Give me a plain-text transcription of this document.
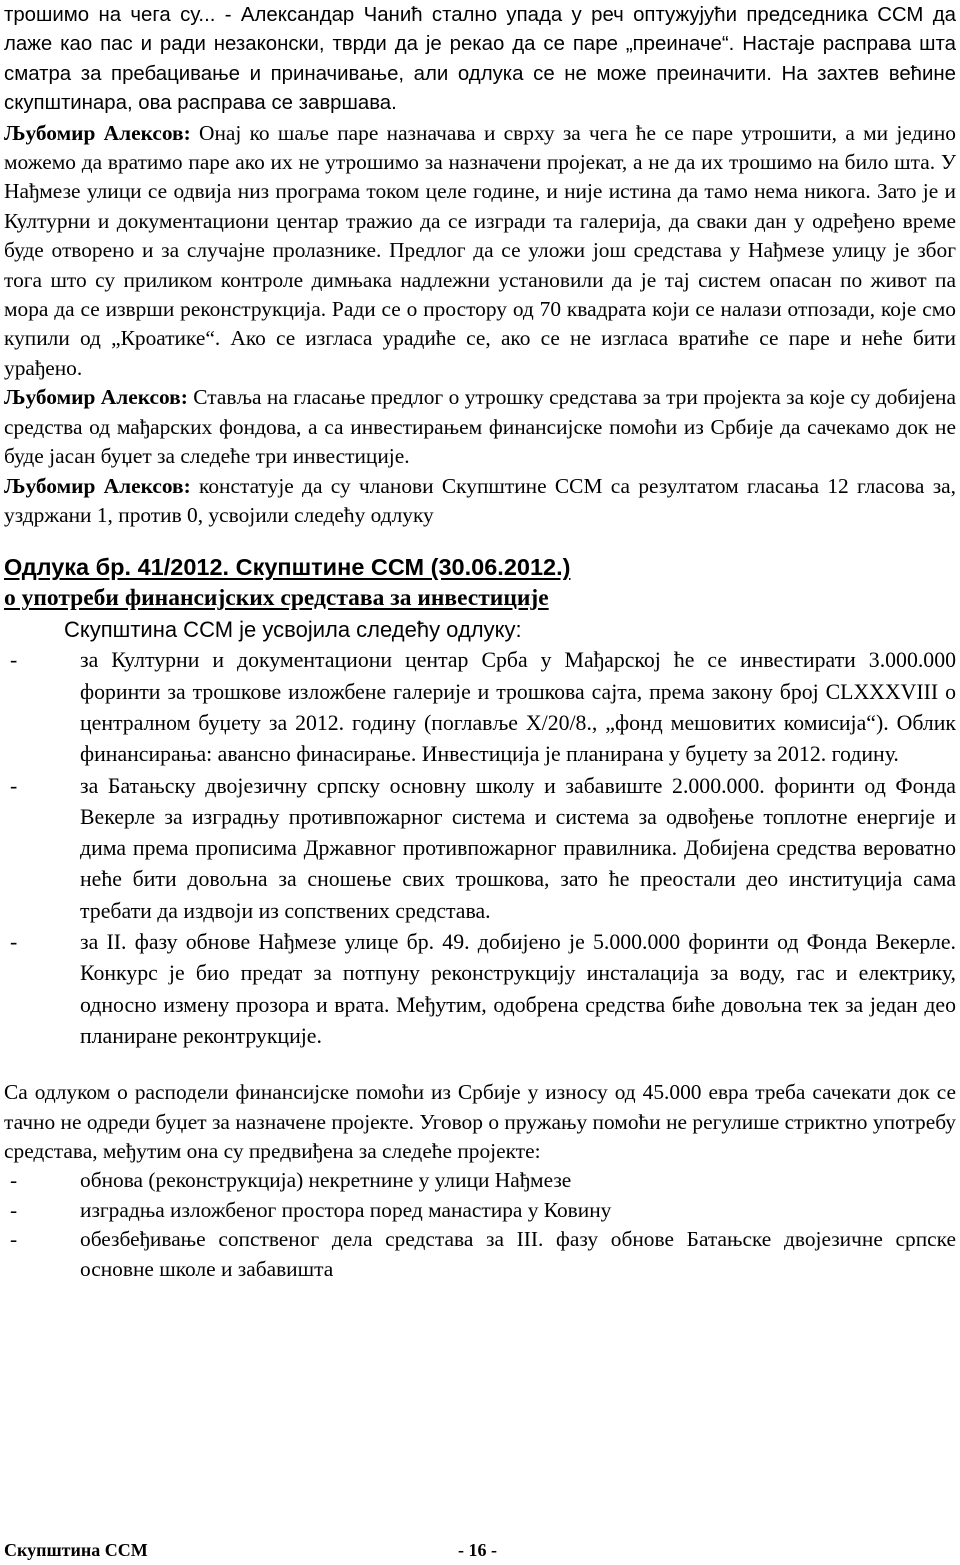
трошимо на чега су... - Александар Чанић стално упада у реч оптужујући председника ССМ да лаже као пас и ради незаконски, тврди да је рекао да се паре „преиначе“. Настаје расправа шта сматра за пребацивање и приначивање, али одлука се не може преиначити. На захтев већине скупштинара, ова расправа се завршава.

Љубомир Алексов: Онај ко шаље паре назначава и сврху за чега ће се паре утрошити, а ми једино можемо да вратимо паре ако их не утрошимо за назначени пројекат, а не да их трошимо на било шта. У Нађмезе улици се одвија низ програма током целе године, и није истина да тамо нема никога. Зато је и Културни и документациони центар тражио да се изгради та галерија, да сваки дан у одређено време буде отворено и за случајне пролазнике. Предлог да се уложи још средстава у Нађмезе улицу је због тога што су приликом контроле димњака надлежни установили да је тај систем опасан по живот па мора да се изврши реконструкција. Ради се о простору од 70 квадрата који се налази отпозади, које смо купили од „Кроатике“. Ако се изгласа урадиће се, ако се не изгласа вратиће се паре и неће бити урађено.

Љубомир Алексов: Ставља на гласање предлог о утрошку средстава за три пројекта за које су добијена средства од мађарских фондова, а са инвестирањем финансијске помоћи из Србије да сачекамо док не буде јасан буџет за следеће три инвестиције.

Љубомир Алексов: констатује да су чланови Скупштине ССМ са резултатом гласања 12 гласова за, уздржани 1, против 0, усвојили следећу одлуку

Одлука бр. 41/2012. Скупштине ССМ (30.06.2012.)
о употреби финансијских средстава за инвестиције

Скупштина ССМ је усвојила следећу одлуку:

-	за Културни и документациони центар Срба у Мађарској ће се инвестирати 3.000.000 форинти за трошкове изложбене галерије и трошкова сајта, према закону број CLXXXVIII о централном буџету за 2012. годину (поглавље X/20/8., „фонд мешовитих комисија“). Облик финансирања: авансно финасирање. Инвестиција је планирана у буџету за 2012. годину.
-	за Батањску двојезичну српску основну школу и забавиште 2.000.000. форинти од Фонда Векерле за изградњу противпожарног система и система за одвођење топлотне енергије и дима према прописима Државног противпожарног правилника. Добијена средства вероватно неће бити довољна за сношење свих трошкова, зато ће преостали део институција сама требати да издвоји из сопствених средстава.
-	за II. фазу обнове Нађмезе улице бр. 49. добијено је 5.000.000 форинти од Фонда Векерле. Конкурс је био предат за потпуну реконструкцију инсталација за воду, гас и електрику, односно измену прозора и врата. Међутим, одобрена средства биће довољна тек за један део планиране реконтрукције.

Са одлуком о расподели финансијске помоћи из Србије у износу од 45.000 евра треба сачекати док се тачно не одреди буџет за назначене пројекте. Уговор о пружању помоћи не регулише стриктно употребу средстава, међутим она су предвиђена за следеће пројекте:

-	обнова (реконструкција) некретнине у улици Нађмезе
-	изградња изложбеног простора поред манастира у Ковину
-	обезбеђивање сопственог дела средстава за III. фазу обнове Батањске двојезичне српске основне школе и забавишта
Скупштина ССМ	- 16 -
